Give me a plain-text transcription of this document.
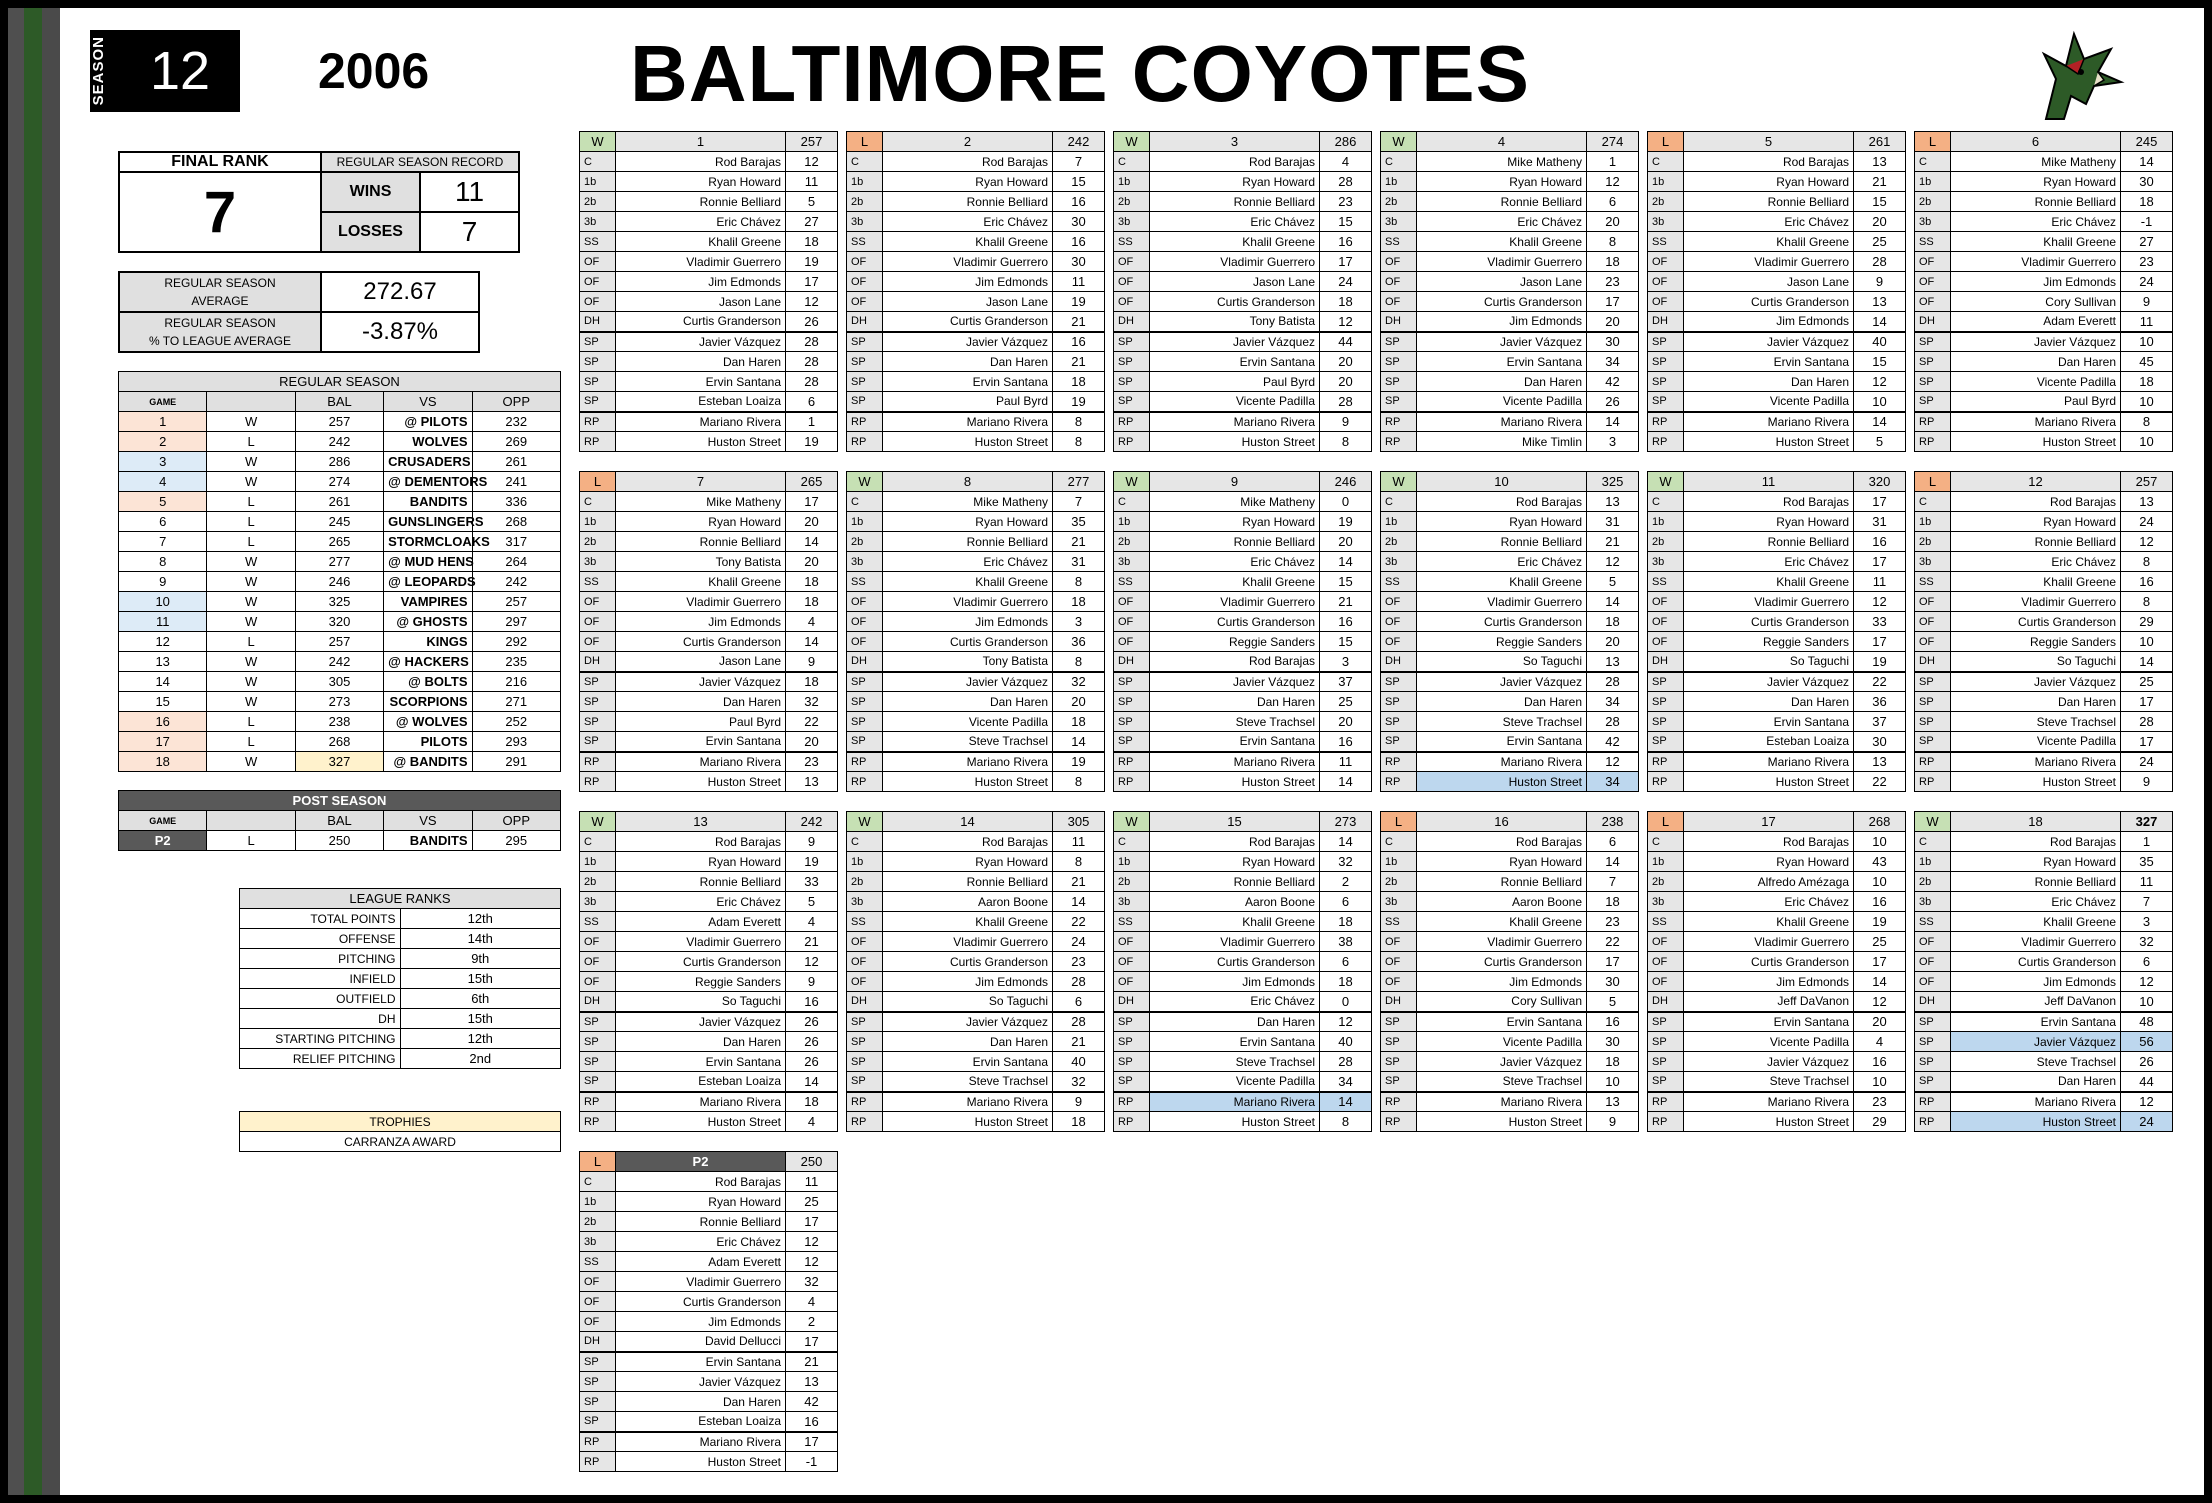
SEASON 12	2006	BALTIMORE COYOTES
FINAL RANK	REGULAR SEASON RECORD	
7	WINS	11
	LOSSES	7
REGULAR SEASON
AVERAGE	272.67
REGULAR SEASON
% TO LEAGUE AVERAGE	-3.87%
REGULAR SEASON				
GAME		BAL	VS	OPP
1	W	257	@ PILOTS	232
2	L	242	WOLVES	269
3	W	286	CRUSADERS	261
4	W	274	@ DEMENTORS	241
5	L	261	BANDITS	336
6	L	245	GUNSLINGERS	268
7	L	265	STORMCLOAKS	317
8	W	277	@ MUD HENS	264
9	W	246	@ LEOPARDS	242
10	W	325	VAMPIRES	257
11	W	320	@ GHOSTS	297
12	L	257	KINGS	292
13	W	242	@ HACKERS	235
14	W	305	@ BOLTS	216
15	W	273	SCORPIONS	271
16	L	238	@ WOLVES	252
17	L	268	PILOTS	293
18	W	327	@ BANDITS	291
POST SEASON				
GAME		BAL	VS	OPP
P2	L	250	BANDITS	295
LEAGUE RANKS	
TOTAL POINTS	12th
OFFENSE	14th
PITCHING	9th
INFIELD	15th
OUTFIELD	6th
DH	15th
STARTING PITCHING	12th
RELIEF PITCHING	2nd
TROPHIES
CARRANZA AWARD
W	1	257
C	Rod Barajas	12
1b	Ryan Howard	11
2b	Ronnie Belliard	5
3b	Eric Chávez	27
SS	Khalil Greene	18
OF	Vladimir Guerrero	19
OF	Jim Edmonds	17
OF	Jason Lane	12
DH	Curtis Granderson	26
SP	Javier Vázquez	28
SP	Dan Haren	28
SP	Ervin Santana	28
SP	Esteban Loaiza	6
RP	Mariano Rivera	1
RP	Huston Street	19
L	2	242
C	Rod Barajas	7
1b	Ryan Howard	15
2b	Ronnie Belliard	16
3b	Eric Chávez	30
SS	Khalil Greene	16
OF	Vladimir Guerrero	30
OF	Jim Edmonds	11
OF	Jason Lane	19
DH	Curtis Granderson	21
SP	Javier Vázquez	16
SP	Dan Haren	21
SP	Ervin Santana	18
SP	Paul Byrd	19
RP	Mariano Rivera	8
RP	Huston Street	8
W	3	286
C	Rod Barajas	4
1b	Ryan Howard	28
2b	Ronnie Belliard	23
3b	Eric Chávez	15
SS	Khalil Greene	16
OF	Vladimir Guerrero	17
OF	Jason Lane	24
OF	Curtis Granderson	18
DH	Tony Batista	12
SP	Javier Vázquez	44
SP	Ervin Santana	20
SP	Paul Byrd	20
SP	Vicente Padilla	28
RP	Mariano Rivera	9
RP	Huston Street	8
W	4	274
C	Mike Matheny	1
1b	Ryan Howard	12
2b	Ronnie Belliard	6
3b	Eric Chávez	20
SS	Khalil Greene	8
OF	Vladimir Guerrero	18
OF	Jason Lane	23
OF	Curtis Granderson	17
DH	Jim Edmonds	20
SP	Javier Vázquez	30
SP	Ervin Santana	34
SP	Dan Haren	42
SP	Vicente Padilla	26
RP	Mariano Rivera	14
RP	Mike Timlin	3
L	5	261
C	Rod Barajas	13
1b	Ryan Howard	21
2b	Ronnie Belliard	15
3b	Eric Chávez	20
SS	Khalil Greene	25
OF	Vladimir Guerrero	28
OF	Jason Lane	9
OF	Curtis Granderson	13
DH	Jim Edmonds	14
SP	Javier Vázquez	40
SP	Ervin Santana	15
SP	Dan Haren	12
SP	Vicente Padilla	10
RP	Mariano Rivera	14
RP	Huston Street	5
L	6	245
C	Mike Matheny	14
1b	Ryan Howard	30
2b	Ronnie Belliard	18
3b	Eric Chávez	-1
SS	Khalil Greene	27
OF	Vladimir Guerrero	23
OF	Jim Edmonds	24
OF	Cory Sullivan	9
DH	Adam Everett	11
SP	Javier Vázquez	10
SP	Dan Haren	45
SP	Vicente Padilla	18
SP	Paul Byrd	10
RP	Mariano Rivera	8
RP	Huston Street	10
L	7	265
C	Mike Matheny	17
1b	Ryan Howard	20
2b	Ronnie Belliard	14
3b	Tony Batista	20
SS	Khalil Greene	18
OF	Vladimir Guerrero	18
OF	Jim Edmonds	4
OF	Curtis Granderson	14
DH	Jason Lane	9
SP	Javier Vázquez	18
SP	Dan Haren	32
SP	Paul Byrd	22
SP	Ervin Santana	20
RP	Mariano Rivera	23
RP	Huston Street	13
W	8	277
C	Mike Matheny	7
1b	Ryan Howard	35
2b	Ronnie Belliard	21
3b	Eric Chávez	31
SS	Khalil Greene	8
OF	Vladimir Guerrero	18
OF	Jim Edmonds	3
OF	Curtis Granderson	36
DH	Tony Batista	8
SP	Javier Vázquez	32
SP	Dan Haren	20
SP	Vicente Padilla	18
SP	Steve Trachsel	14
RP	Mariano Rivera	19
RP	Huston Street	8
W	9	246
C	Mike Matheny	0
1b	Ryan Howard	19
2b	Ronnie Belliard	20
3b	Eric Chávez	14
SS	Khalil Greene	15
OF	Vladimir Guerrero	21
OF	Curtis Granderson	16
OF	Reggie Sanders	15
DH	Rod Barajas	3
SP	Javier Vázquez	37
SP	Dan Haren	25
SP	Steve Trachsel	20
SP	Ervin Santana	16
RP	Mariano Rivera	11
RP	Huston Street	14
W	10	325
C	Rod Barajas	13
1b	Ryan Howard	31
2b	Ronnie Belliard	21
3b	Eric Chávez	12
SS	Khalil Greene	5
OF	Vladimir Guerrero	14
OF	Curtis Granderson	18
OF	Reggie Sanders	20
DH	So Taguchi	13
SP	Javier Vázquez	28
SP	Dan Haren	34
SP	Steve Trachsel	28
SP	Ervin Santana	42
RP	Mariano Rivera	12
RP	Huston Street	34
W	11	320
C	Rod Barajas	17
1b	Ryan Howard	31
2b	Ronnie Belliard	16
3b	Eric Chávez	17
SS	Khalil Greene	11
OF	Vladimir Guerrero	12
OF	Curtis Granderson	33
OF	Reggie Sanders	17
DH	So Taguchi	19
SP	Javier Vázquez	22
SP	Dan Haren	36
SP	Ervin Santana	37
SP	Esteban Loaiza	30
RP	Mariano Rivera	13
RP	Huston Street	22
L	12	257
C	Rod Barajas	13
1b	Ryan Howard	24
2b	Ronnie Belliard	12
3b	Eric Chávez	8
SS	Khalil Greene	16
OF	Vladimir Guerrero	8
OF	Curtis Granderson	29
OF	Reggie Sanders	10
DH	So Taguchi	14
SP	Javier Vázquez	25
SP	Dan Haren	17
SP	Steve Trachsel	28
SP	Vicente Padilla	17
RP	Mariano Rivera	24
RP	Huston Street	9
W	13	242
C	Rod Barajas	9
1b	Ryan Howard	19
2b	Ronnie Belliard	33
3b	Eric Chávez	5
SS	Adam Everett	4
OF	Vladimir Guerrero	21
OF	Curtis Granderson	12
OF	Reggie Sanders	9
DH	So Taguchi	16
SP	Javier Vázquez	26
SP	Dan Haren	26
SP	Ervin Santana	26
SP	Esteban Loaiza	14
RP	Mariano Rivera	18
RP	Huston Street	4
W	14	305
C	Rod Barajas	11
1b	Ryan Howard	8
2b	Ronnie Belliard	21
3b	Aaron Boone	14
SS	Khalil Greene	22
OF	Vladimir Guerrero	24
OF	Curtis Granderson	23
OF	Jim Edmonds	28
DH	So Taguchi	6
SP	Javier Vázquez	28
SP	Dan Haren	21
SP	Ervin Santana	40
SP	Steve Trachsel	32
RP	Mariano Rivera	9
RP	Huston Street	18
W	15	273
C	Rod Barajas	14
1b	Ryan Howard	32
2b	Ronnie Belliard	2
3b	Aaron Boone	6
SS	Khalil Greene	18
OF	Vladimir Guerrero	38
OF	Curtis Granderson	6
OF	Jim Edmonds	18
DH	Eric Chávez	0
SP	Dan Haren	12
SP	Ervin Santana	40
SP	Steve Trachsel	28
SP	Vicente Padilla	34
RP	Mariano Rivera	14
RP	Huston Street	8
L	16	238
C	Rod Barajas	6
1b	Ryan Howard	14
2b	Ronnie Belliard	7
3b	Aaron Boone	18
SS	Khalil Greene	23
OF	Vladimir Guerrero	22
OF	Curtis Granderson	17
OF	Jim Edmonds	30
DH	Cory Sullivan	5
SP	Ervin Santana	16
SP	Vicente Padilla	30
SP	Javier Vázquez	18
SP	Steve Trachsel	10
RP	Mariano Rivera	13
RP	Huston Street	9
L	17	268
C	Rod Barajas	10
1b	Ryan Howard	43
2b	Alfredo Amézaga	10
3b	Eric Chávez	16
SS	Khalil Greene	19
OF	Vladimir Guerrero	25
OF	Curtis Granderson	17
OF	Jim Edmonds	14
DH	Jeff DaVanon	12
SP	Ervin Santana	20
SP	Vicente Padilla	4
SP	Javier Vázquez	16
SP	Steve Trachsel	10
RP	Mariano Rivera	23
RP	Huston Street	29
W	18	327
C	Rod Barajas	1
1b	Ryan Howard	35
2b	Ronnie Belliard	11
3b	Eric Chávez	7
SS	Khalil Greene	3
OF	Vladimir Guerrero	32
OF	Curtis Granderson	6
OF	Jim Edmonds	12
DH	Jeff DaVanon	10
SP	Ervin Santana	48
SP	Javier Vázquez	56
SP	Steve Trachsel	26
SP	Dan Haren	44
RP	Mariano Rivera	12
RP	Huston Street	24
L	P2	250
C	Rod Barajas	11
1b	Ryan Howard	25
2b	Ronnie Belliard	17
3b	Eric Chávez	12
SS	Adam Everett	12
OF	Vladimir Guerrero	32
OF	Curtis Granderson	4
OF	Jim Edmonds	2
DH	David Dellucci	17
SP	Ervin Santana	21
SP	Javier Vázquez	13
SP	Dan Haren	42
SP	Esteban Loaiza	16
RP	Mariano Rivera	17
RP	Huston Street	-1
